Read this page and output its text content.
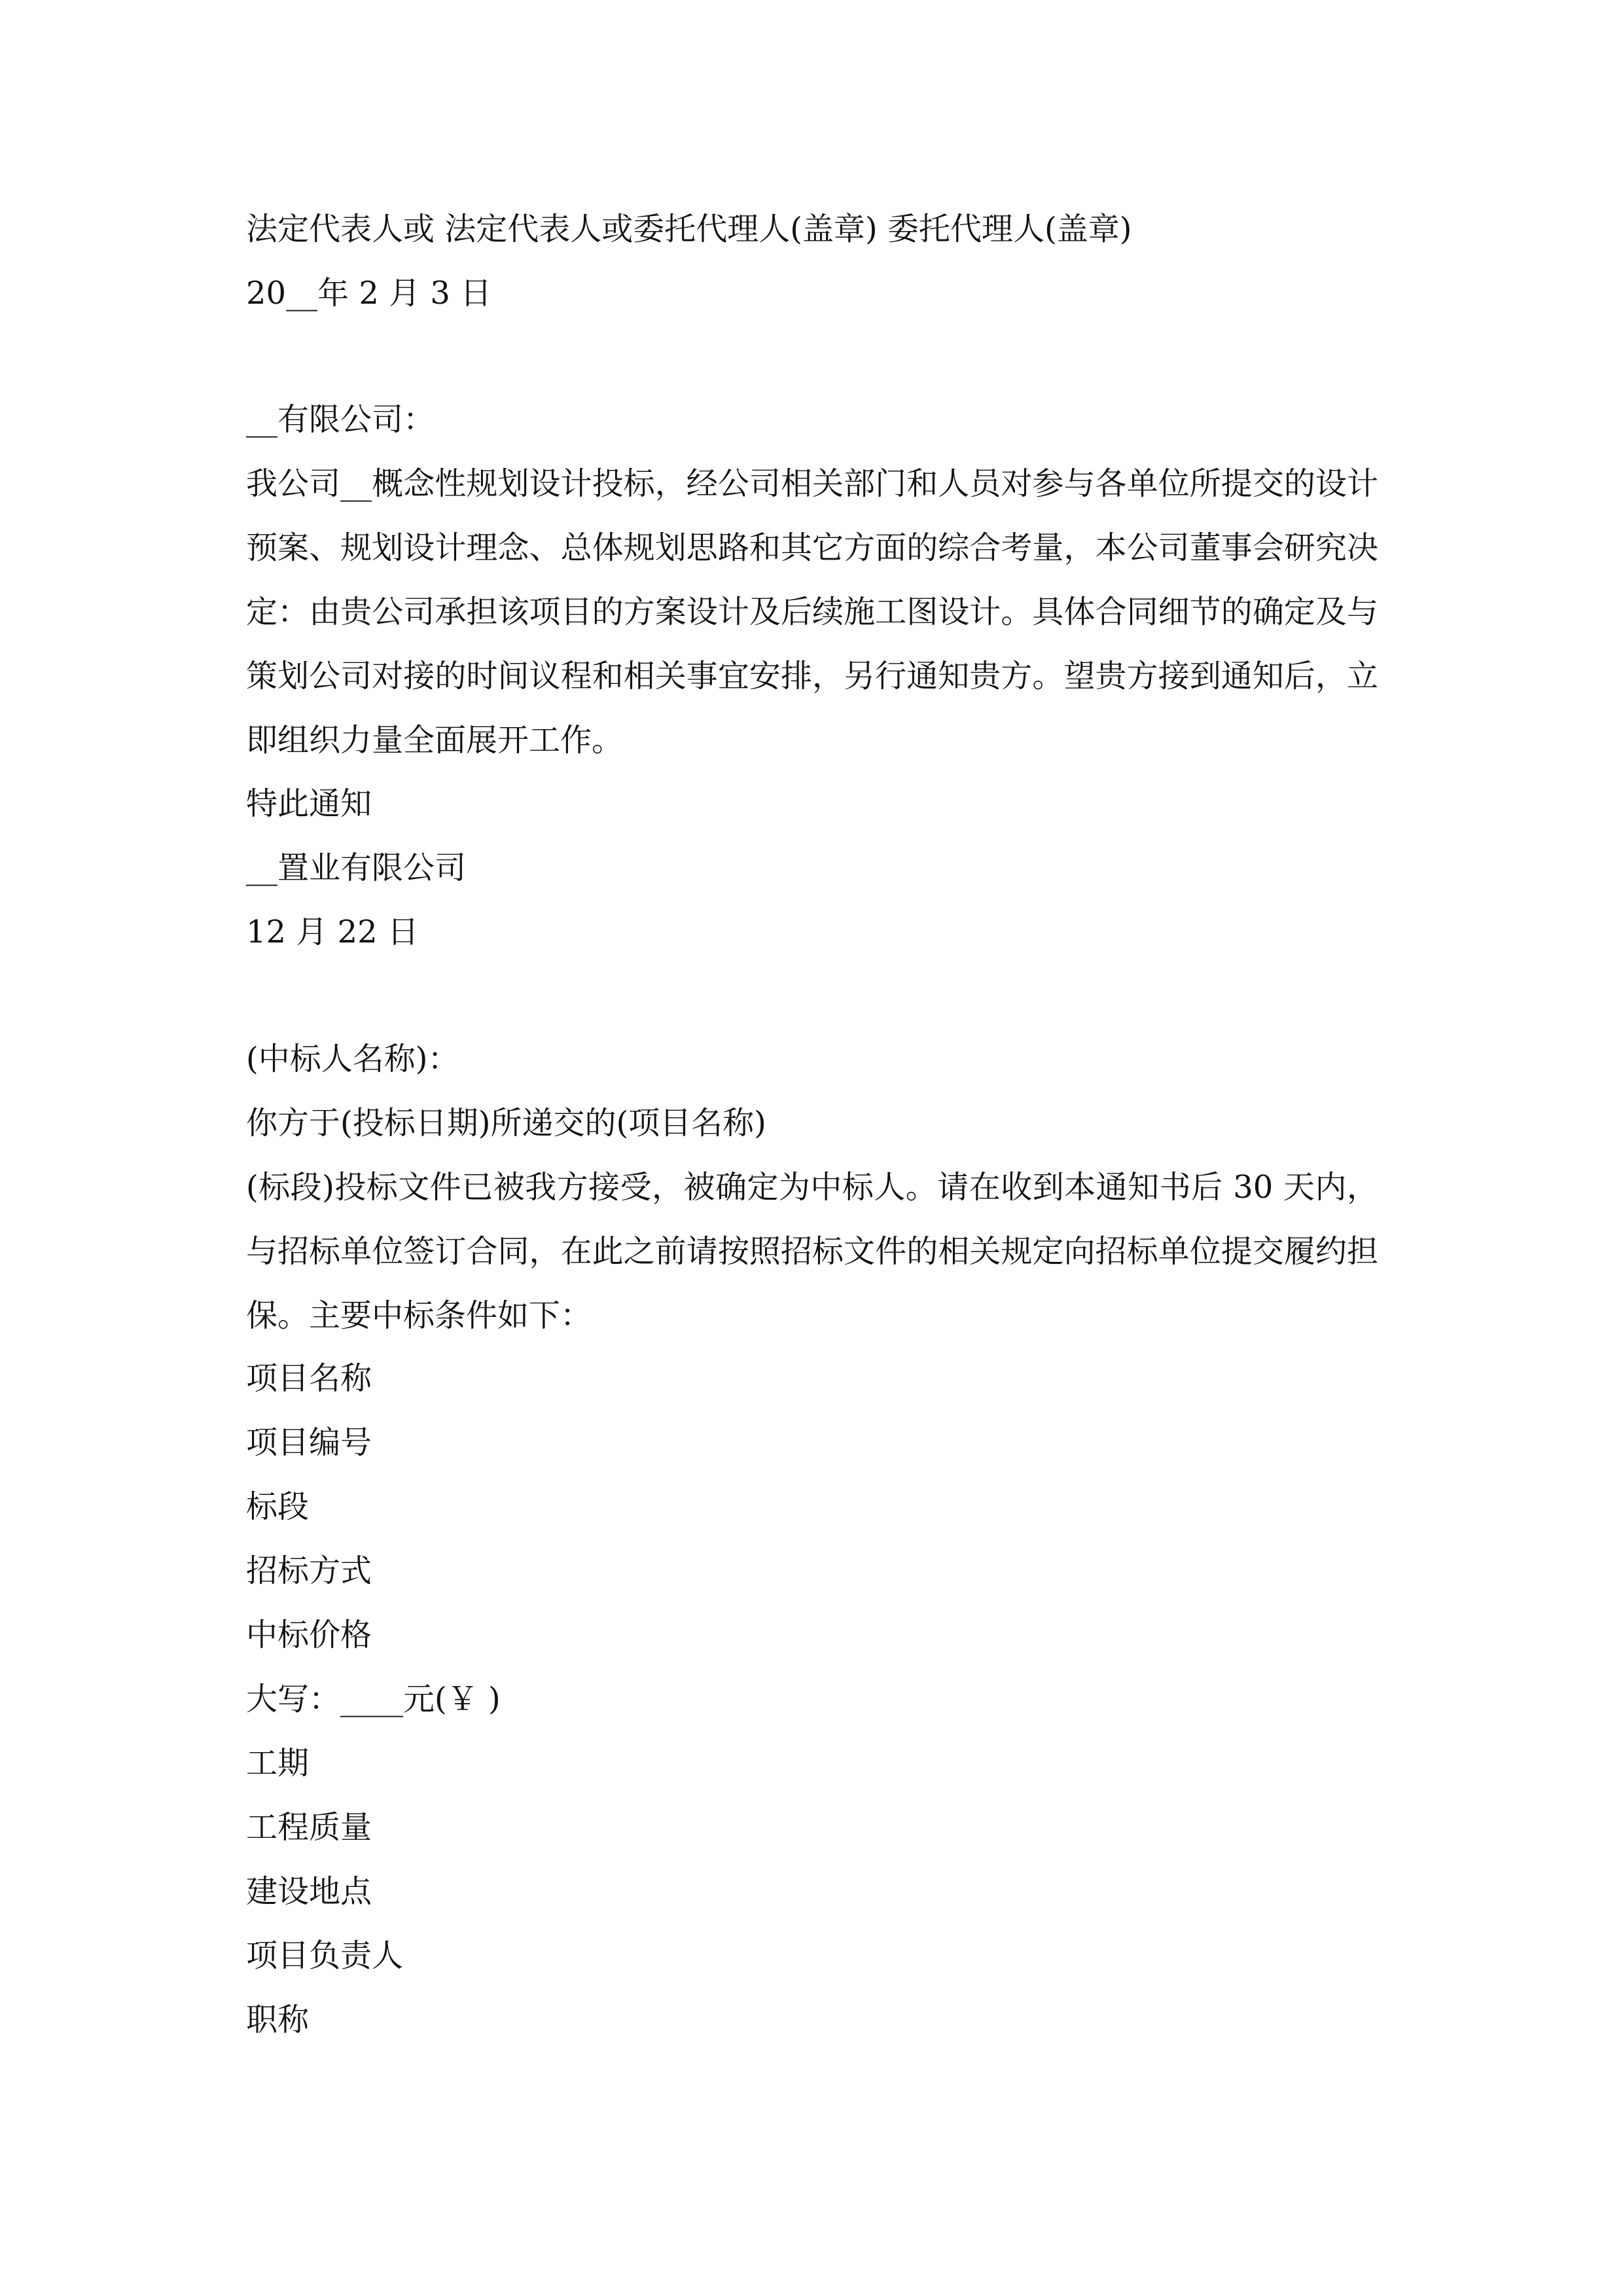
法定代表人或 法定代表人或委托代理人(盖章) 委托代理人(盖章)
20__年 2 月 3 日
__有限公司：
我公司__概念性规划设计投标，经公司相关部门和人员对参与各单位所提交的设计预案、规划设计理念、总体规划思路和其它方面的综合考量，本公司董事会研究决定：由贵公司承担该项目的方案设计及后续施工图设计。具体合同细节的确定及与策划公司对接的时间议程和相关事宜安排，另行通知贵方。望贵方接到通知后，立即组织力量全面展开工作。
特此通知
__置业有限公司
12 月 22 日
(中标人名称)：
你方于(投标日期)所递交的(项目名称)
(标段)投标文件已被我方接受，被确定为中标人。请在收到本通知书后 30 天内，与招标单位签订合同，在此之前请按照招标文件的相关规定向招标单位提交履约担保。主要中标条件如下：
项目名称
项目编号
标段
招标方式
中标价格
大写：____元(￥ )
工期
工程质量
建设地点
项目负责人
职称
